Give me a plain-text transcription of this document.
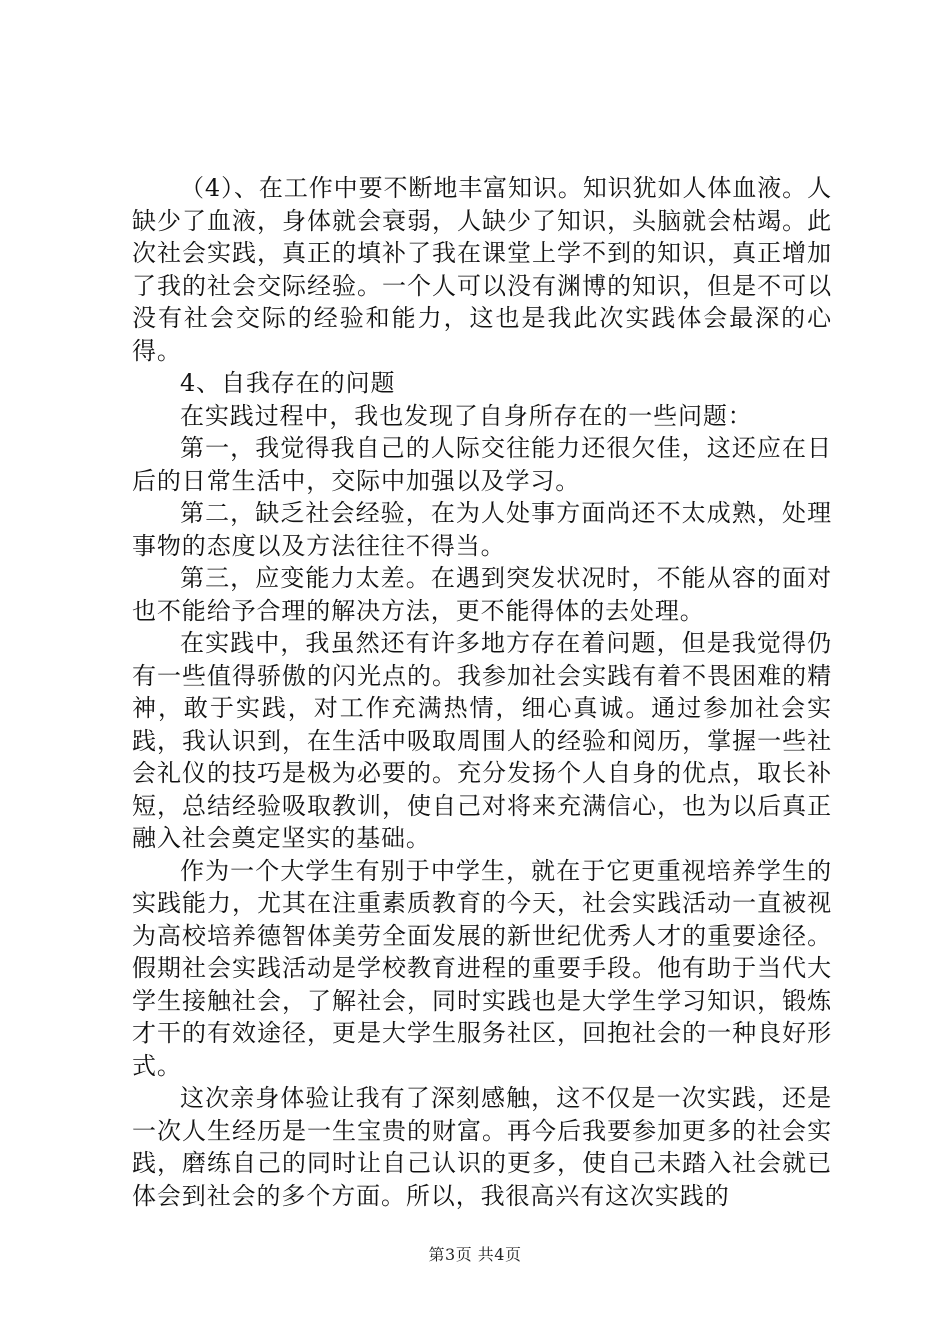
（4）、在工作中要不断地丰富知识。知识犹如人体血液。人缺少了血液，身体就会衰弱，人缺少了知识，头脑就会枯竭。此次社会实践，真正的填补了我在课堂上学不到的知识，真正增加了我的社会交际经验。一个人可以没有渊博的知识，但是不可以没有社会交际的经验和能力，这也是我此次实践体会最深的心得。

4、自我存在的问题

在实践过程中，我也发现了自身所存在的一些问题：

第一，我觉得我自己的人际交往能力还很欠佳，这还应在日后的日常生活中，交际中加强以及学习。

第二，缺乏社会经验，在为人处事方面尚还不太成熟，处理事物的态度以及方法往往不得当。

第三，应变能力太差。在遇到突发状况时，不能从容的面对也不能给予合理的解决方法，更不能得体的去处理。

在实践中，我虽然还有许多地方存在着问题，但是我觉得仍有一些值得骄傲的闪光点的。我参加社会实践有着不畏困难的精神，敢于实践，对工作充满热情，细心真诚。通过参加社会实践，我认识到，在生活中吸取周围人的经验和阅历，掌握一些社会礼仪的技巧是极为必要的。充分发扬个人自身的优点，取长补短，总结经验吸取教训，使自己对将来充满信心，也为以后真正融入社会奠定坚实的基础。

作为一个大学生有别于中学生，就在于它更重视培养学生的实践能力，尤其在注重素质教育的今天，社会实践活动一直被视为高校培养德智体美劳全面发展的新世纪优秀人才的重要途径。假期社会实践活动是学校教育进程的重要手段。他有助于当代大学生接触社会，了解社会，同时实践也是大学生学习知识，锻炼才干的有效途径，更是大学生服务社区，回抱社会的一种良好形式。

这次亲身体验让我有了深刻感触，这不仅是一次实践，还是一次人生经历是一生宝贵的财富。再今后我要参加更多的社会实践，磨练自己的同时让自己认识的更多，使自己未踏入社会就已体会到社会的多个方面。所以，我很高兴有这次实践的

第3页 共4页
